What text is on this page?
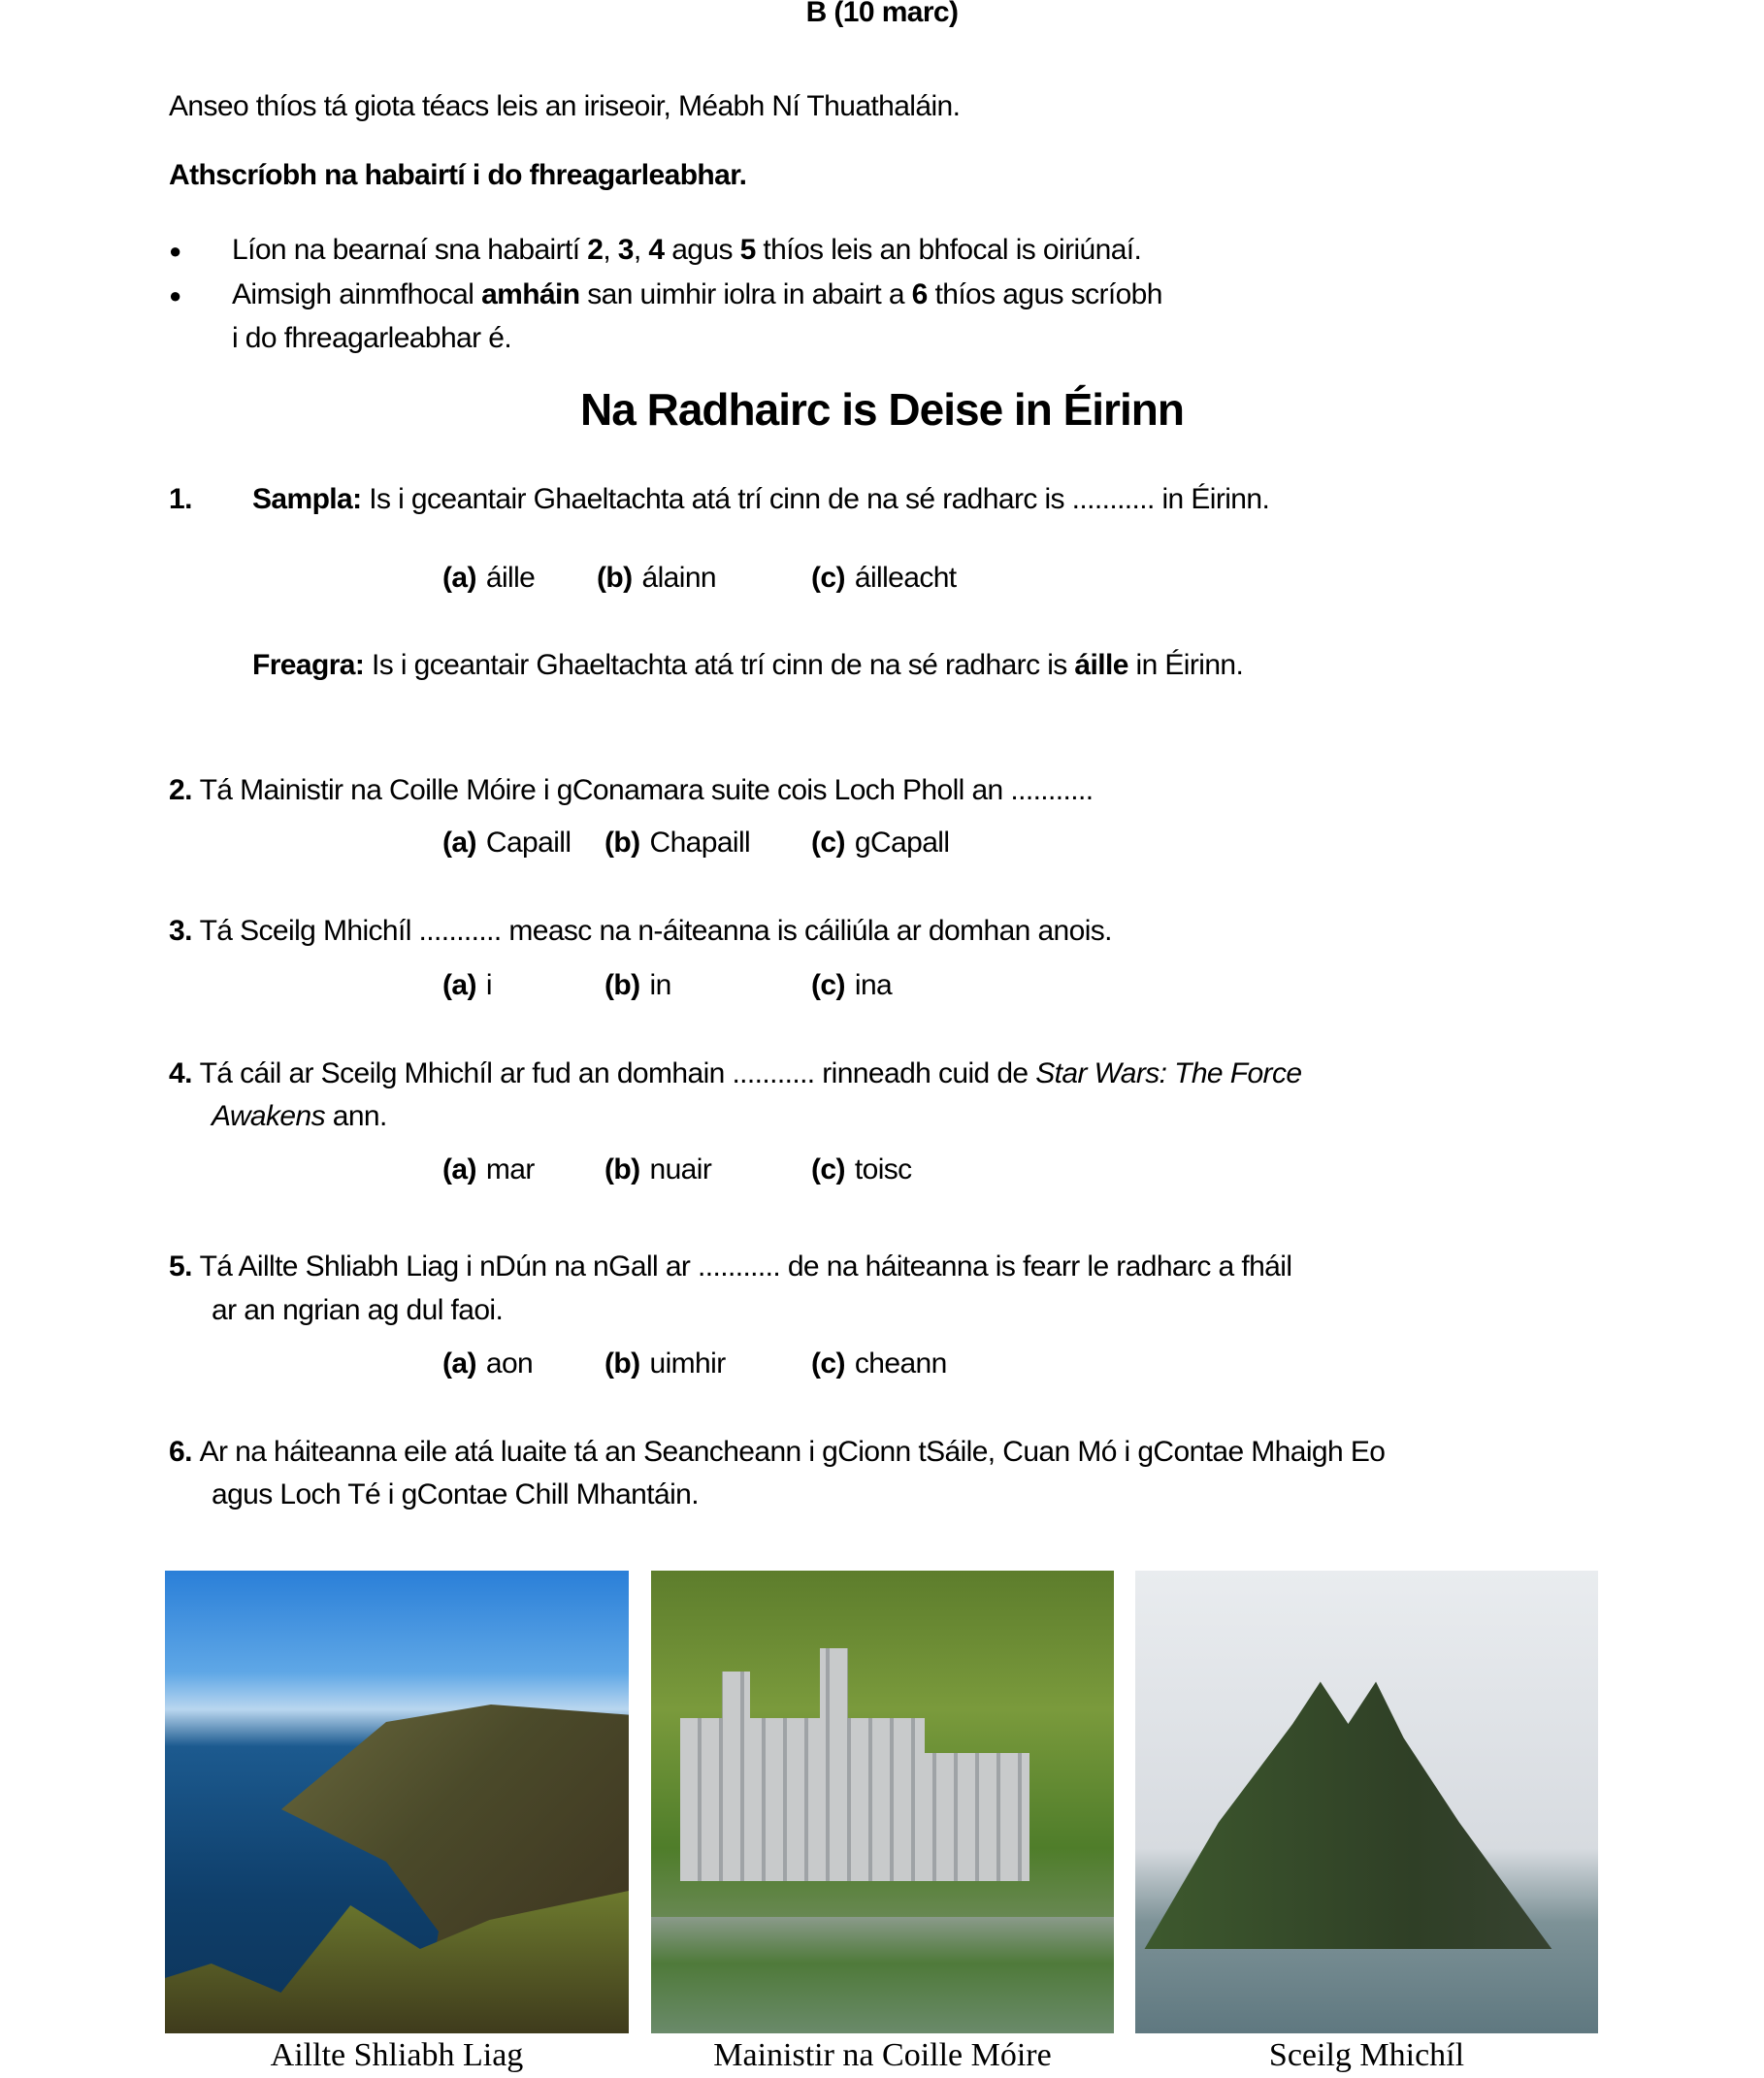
B (10 marc)
Anseo thíos tá giota téacs leis an iriseoir, Méabh Ní Thuathaláin.
Athscríobh na habairtí i do fhreagarleabhar.
● Líon na bearnaí sna habairtí 2, 3, 4 agus 5 thíos leis an bhfocal is oiriúnaí.
● Aimsigh ainmfhocal amháin san uimhir iolra in abairt a 6 thíos agus scríobh
i do fhreagarleabhar é.
Na Radhairc is Deise in Éirinn
1. Sampla: Is i gceantair Ghaeltachta atá trí cinn de na sé radharc is ........... in Éirinn.
(a) áille (b) álainn	(c) áilleacht
Freagra: Is i gceantair Ghaeltachta atá trí cinn de na sé radharc is áille in Éirinn.
2. Tá Mainistir na Coille Móire i gConamara suite cois Loch Pholl an ...........
(a) Capaill (b) Chapaill (c) gCapall
3. Tá Sceilg Mhichíl ........... measc na n-áiteanna is cáiliúla ar domhan anois.
(a) i	(b) in	(c) ina
4. Tá cáil ar Sceilg Mhichíl ar fud an domhain ........... rinneadh cuid de Star Wars: The Force
Awakens ann.
(a) mar (b) nuair	(c) toisc
5. Tá Aillte Shliabh Liag i nDún na nGall ar ........... de na háiteanna is fearr le radharc a fháil
ar an ngrian ag dul faoi.
(a) aon (b) uimhir	(c) cheann
6. Ar na háiteanna eile atá luaite tá an Seancheann i gCionn tSáile, Cuan Mó i gContae Mhaigh Eo
agus Loch Té i gContae Chill Mhantáin.
Aillte Shliabh Liag	Mainistir na Coille Móire	Sceilg Mhichíl
